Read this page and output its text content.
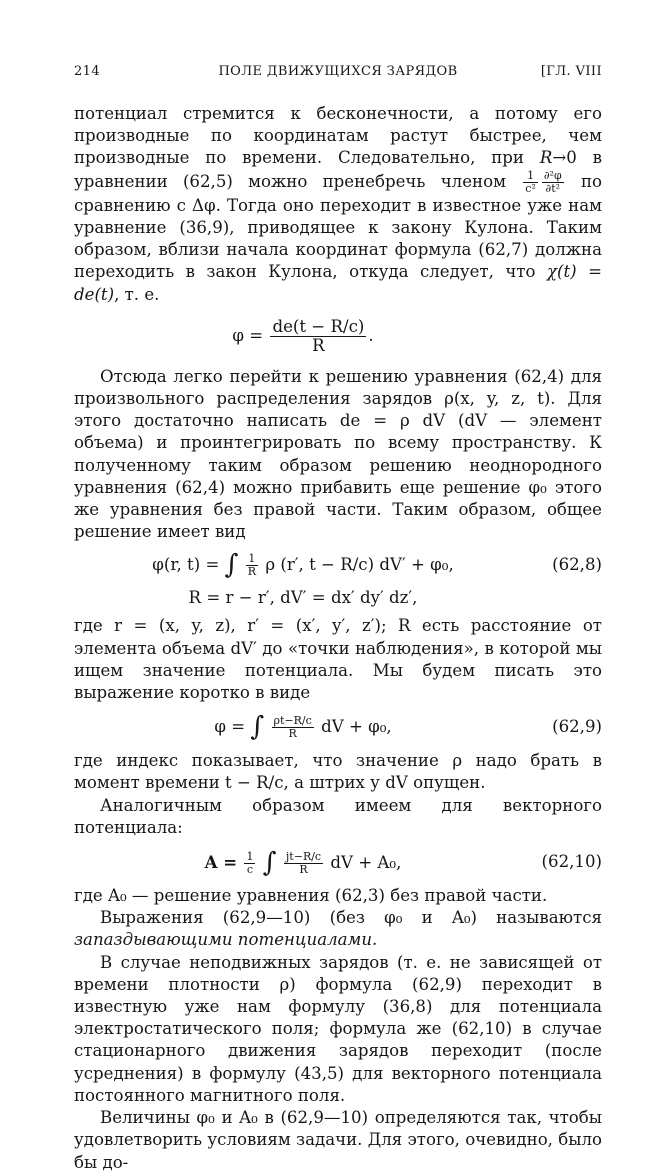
214	ПОЛЕ ДВИЖУЩИХСЯ ЗАРЯДОВ	[ГЛ. VIII

потенциал стремится к бесконечности, а потому его производные по координатам растут быстрее, чем производные по времени. Следовательно, при R→0 в уравнении (62,5) можно пренебречь членом $\frac{1}{\text{c²}} \frac{\text{∂²φ}}{\text{∂t²}}$ по сравнению с Δφ. Тогда оно переходит в известное уже нам уравнение (36,9), приводящее к закону Кулона. Таким образом, вблизи начала координат формула (62,7) должна переходить в закон Кулона, откуда следует, что χ(t) = de(t), т. е.

$\varphi = \frac{de(t - R/c)}{R}$ .

Отсюда легко перейти к решению уравнения (62,4) для произвольного распределения зарядов ρ(x, y, z, t). Для этого достаточно написать de = ρ dV (dV — элемент объема) и проинтегрировать по всему пространству. К полученному таким образом решению неоднородного уравнения (62,4) можно прибавить еще решение φ₀ этого же уравнения без правой части. Таким образом, общее решение имеет вид

φ(r, t) = ∫ $\frac{1}{R}$ ρ (r′, t − R/c) dV′ + φ₀,	(62,8)
R = r − r′, dV′ = dx′ dy′ dz′,

где r = (x, y, z), r′ = (x′, y′, z′); R есть расстояние от элемента объема dV′ до «точки наблюдения», в которой мы ищем значение потенциала. Мы будем писать это выражение коротко в виде

φ = ∫ $\frac{\rho t-R/c}{R}$ dV + φ₀,	(62,9)

где индекс показывает, что значение ρ надо брать в момент времени t − R/c, а штрих у dV опущен.

Аналогичным образом имеем для векторного потенциала:

$A = \frac{1}{c}$ ∫ $\frac{jt-R/c}{R}$ dV + A₀,	(62,10)

где A₀ — решение уравнения (62,3) без правой части.

Выражения (62,9—10) (без φ₀ и A₀) называются запаздывающими потенциалами.

В случае неподвижных зарядов (т. е. не зависящей от времени плотности ρ) формула (62,9) переходит в известную уже нам формулу (36,8) для потенциала электростатического поля; формула же (62,10) в случае стационарного движения зарядов переходит (после усреднения) в формулу (43,5) для векторного потенциала постоянного магнитного поля.

Величины φ₀ и A₀ в (62,9—10) определяются так, чтобы удовлетворить условиям задачи. Для этого, очевидно, было бы до-
